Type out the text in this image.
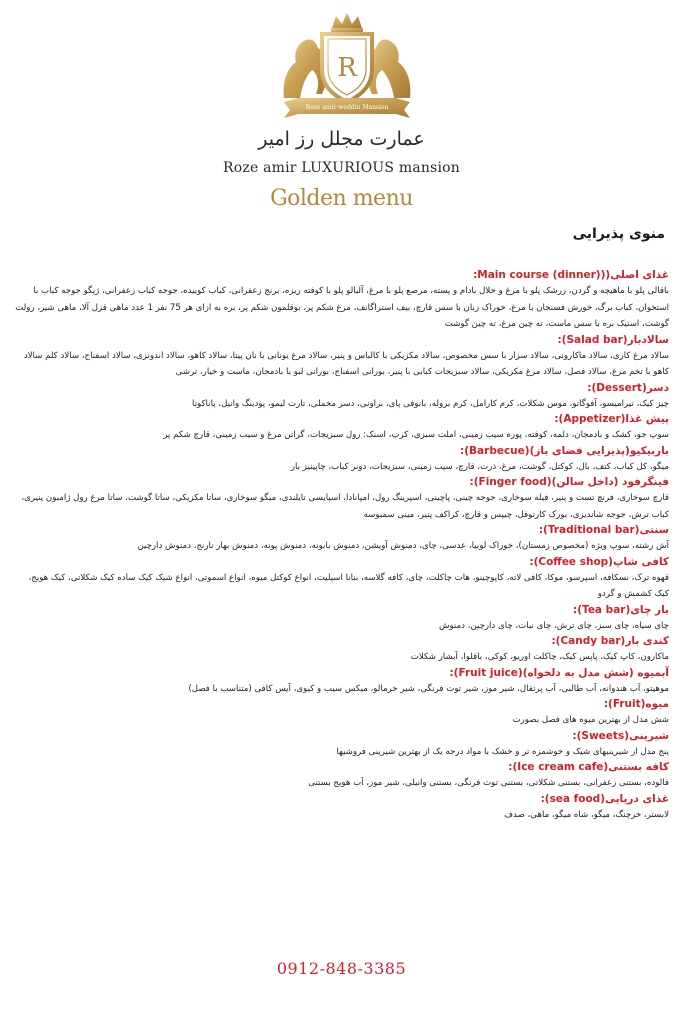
R
Roze amir weddin Mansion
عمارت مجلل رز امیر
Roze amir LUXURIOUS mansion
Golden menu
منوی پذیرایی
غذای اصلی((Main course (dinner):
باقالی پلو با ماهیچه و گردن، زرشک پلو با مرغ و خلال بادام و پسته، مرصع پلو با مرغ، آلبالو پلو با کوفته ریزه، برنج زعفرانی، کباب کوبیده، جوجه کباب زعفرانی، ژیگو جوجه کباب با استخوان، کباب برگ، خورش فسنجان با مرغ، خوراک زبان با سس قارچ، بیف استراگانف، مرغ شکم پر، بوقلمون شکم پر، بره به ازای هر 75 نفر 1 عدد ماهی قزل آلا، ماهی شیر، رولت گوشت، استیک بره با سس ماست، ته چین مرغ، ته چین گوشت
سالادبار(Salad bar):
سالاد مرغ کاری، سالاد ماکارونی، سالاد سزار با سس مخصوص، سالاد مکزیکی با کالباس و پنیر، سالاد مرغ یونانی با نان پیتا، سالاد کاهو، سالاد اندونزی، سالاد اسفناج، سالاد کلم سالاد کاهو با تخم مرغ، سالاد فصل، سالاد مرغ مکزیکی، سالاد سبزیجات کبابی با پنیر، بورانی اسفناج، بورانی لبو یا بادمجان، ماست و خیار، ترشی
دسر(Dessert):
چیز کیک، تیرامیسو، آفوگاتو، موس شکلات، کرم کارامل، کرم بروله، بانوفی پای، براونی، دسر مخملی، تارت لیمو، پودینگ وانیل، پاناکوتا
پیش غذا(Appetizer):
سوپ جو، کشک و بادمجان، دلمه، کوفته، پوره سیب زمینی، املت سبزی، کرپ، اسنک: رول سبزیجات، گراتن مرغ و سیب زمینی، قارچ شکم پر
باربیکیو(پذیرایی فضای باز)(Barbecue):
میگو، کل کباب، کتف، بال، کوکتل، گوشت، مرغ، ذرت، قارچ، سیب زمینی، سبزیجات، دونر کباب، چاپینیز بار
فینگرفود (داخل سالن)(Finger food):
قارچ سوخاری، فرنچ تست و پنیر، فیله سوخاری، جوجه چینی، پاچینی، اسپرینگ رول، امپانادا، اسپایسی تایلندی، میگو سوخاری، ساتا مکزیکی، ساتا گوشت، ساتا مرغ رول ژامبون پنیری، کباب ترش، جوجه شاندیزی، بورک کارتوفل، چیپس و قارچ، کراکف پنیر، مینی سمبوسه
سنتی(Traditional bar):
آش رشته، سوپ ویژه (مخصوص زمستان)، خوراک لوبیا، عدسی، چای، دمنوش آویشن، دمنوش بابونه، دمنوش پونه، دمنوش بهار نارنج، دمنوش دارچین
کافی شاپ(Coffee shop):
قهوه ترک، نسکافه، اسپرسو، موکا، کافی لاته، کاپوچینو، هات چاکلت، چای، کافه گلاسه، بنانا اسپلیت، انواع کوکتل میوه، انواع اسموتی، انواع شیک کیک ساده کیک شکلاتی، کیک هویج، کیک کشمش و گردو
بار چای(Tea bar):
چای سیاه، چای سبز، چای ترش، چای نبات، چای دارچین، دمنوش
کندی بار(Candy bar):
ماکارون، کاپ کیک، پاپس کیک، چاکلت اوریو، کوکی، باقلوا، آبشار شکلات
آبمیوه (شش مدل به دلخواه)(Fruit juice):
موهیتو، آب هندوانه، آب طالبی، آب پرتقال، شیر موز، شیر توت فرنگی، شیر خرمالو، میکس سیب و کیوی، آیس کافی (متناسب با فصل)
میوه(Fruit):
شش مدل از بهترین میوه های فصل بصورت
شیرینی(Sweets):
پنج مدل از شیرینیهای شیک و خوشمزه تر و خشک با مواد درجه یک از بهترین شیرینی فروشیها
کافه بستنی(Ice cream cafe):
فالوده، بستنی زعفرانی، بستنی شکلاتی، بستنی توت فرنگی، بستنی وانیلی، شیر موز، آب هویج بستنی
غذای دریایی(sea food):
لابستر، خرچنگ، میگو، شاه میگو، ماهی، صدف
0912-848-3385
